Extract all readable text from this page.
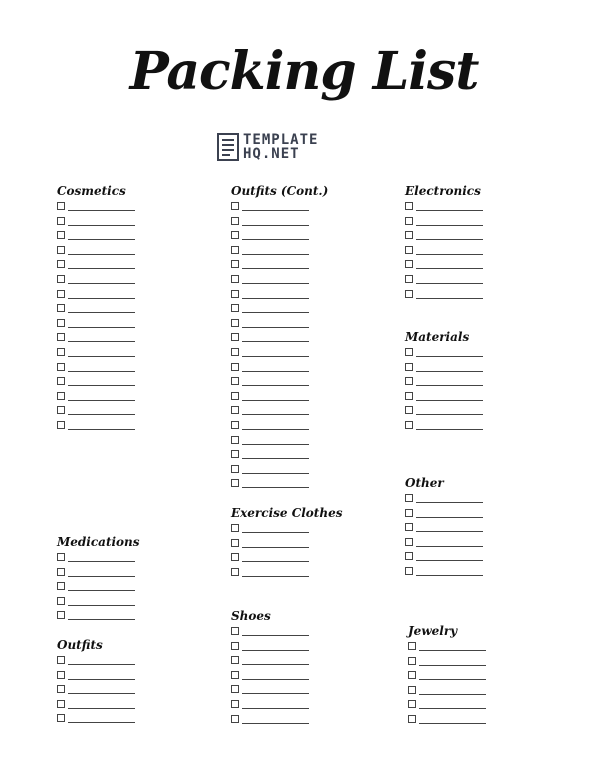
Packing List
TEMPLATE
HQ.NET
Cosmetics
Medications
Outfits
Outfits (Cont.)
Exercise Clothes
Shoes
Electronics
Materials
Other
Jewelry
